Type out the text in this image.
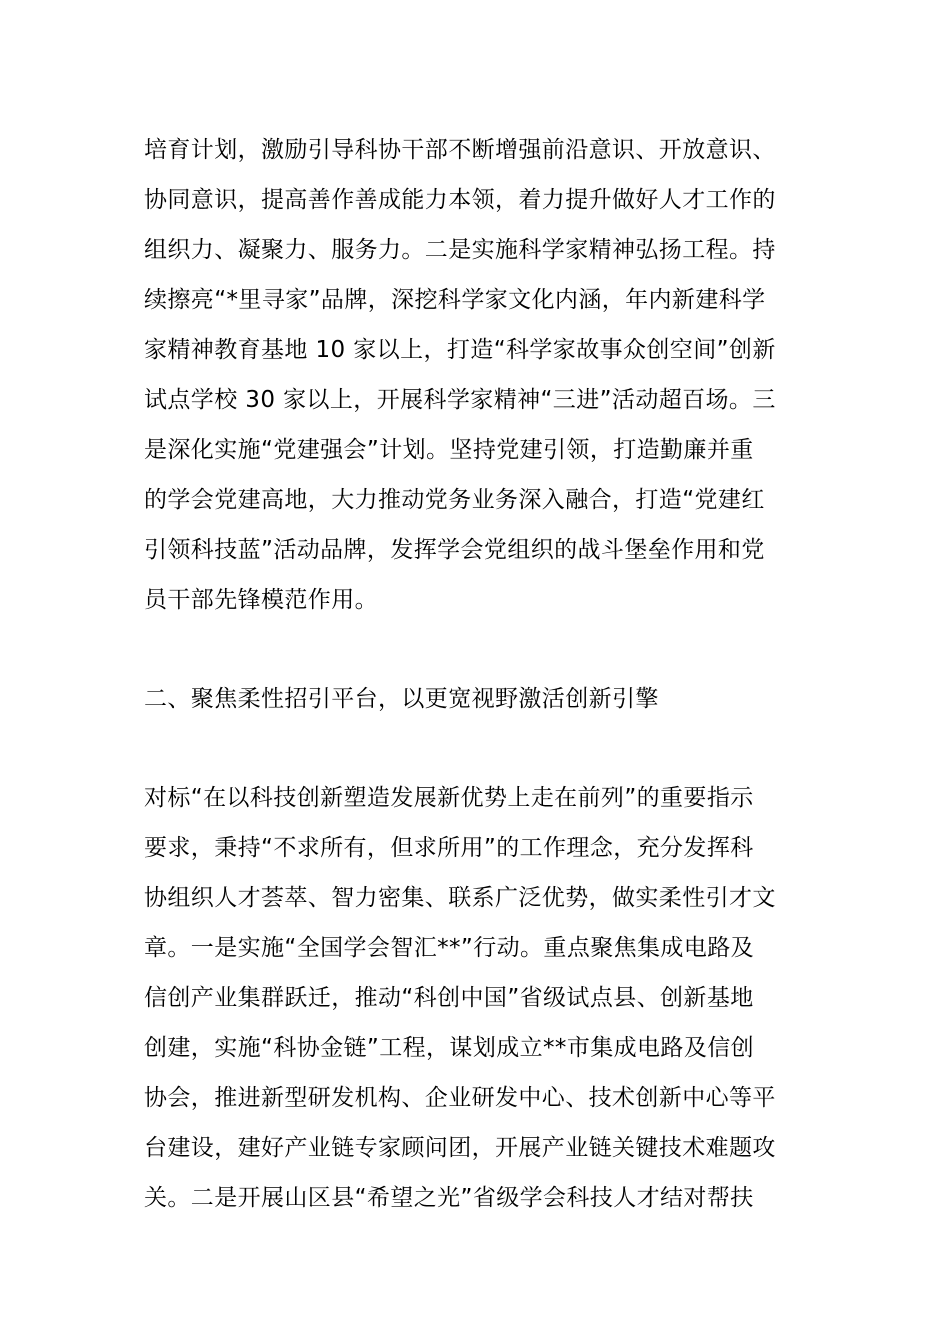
培育计划，激励引导科协干部不断增强前沿意识、开放意识、
协同意识，提高善作善成能力本领，着力提升做好人才工作的
组织力、凝聚力、服务力。二是实施科学家精神弘扬工程。持
续擦亮“*里寻家”品牌，深挖科学家文化内涵，年内新建科学
家精神教育基地 10 家以上，打造“科学家故事众创空间”创新
试点学校 30 家以上，开展科学家精神“三进”活动超百场。三
是深化实施“党建强会”计划。坚持党建引领，打造勤廉并重
的学会党建高地，大力推动党务业务深入融合，打造“党建红
引领科技蓝”活动品牌，发挥学会党组织的战斗堡垒作用和党
员干部先锋模范作用。
二、聚焦柔性招引平台，以更宽视野激活创新引擎
对标“在以科技创新塑造发展新优势上走在前列”的重要指示
要求，秉持“不求所有，但求所用”的工作理念，充分发挥科
协组织人才荟萃、智力密集、联系广泛优势，做实柔性引才文
章。一是实施“全国学会智汇**”行动。重点聚焦集成电路及
信创产业集群跃迁，推动“科创中国”省级试点县、创新基地
创建，实施“科协金链”工程，谋划成立**市集成电路及信创
协会，推进新型研发机构、企业研发中心、技术创新中心等平
台建设，建好产业链专家顾问团，开展产业链关键技术难题攻
关。二是开展山区县“希望之光”省级学会科技人才结对帮扶
